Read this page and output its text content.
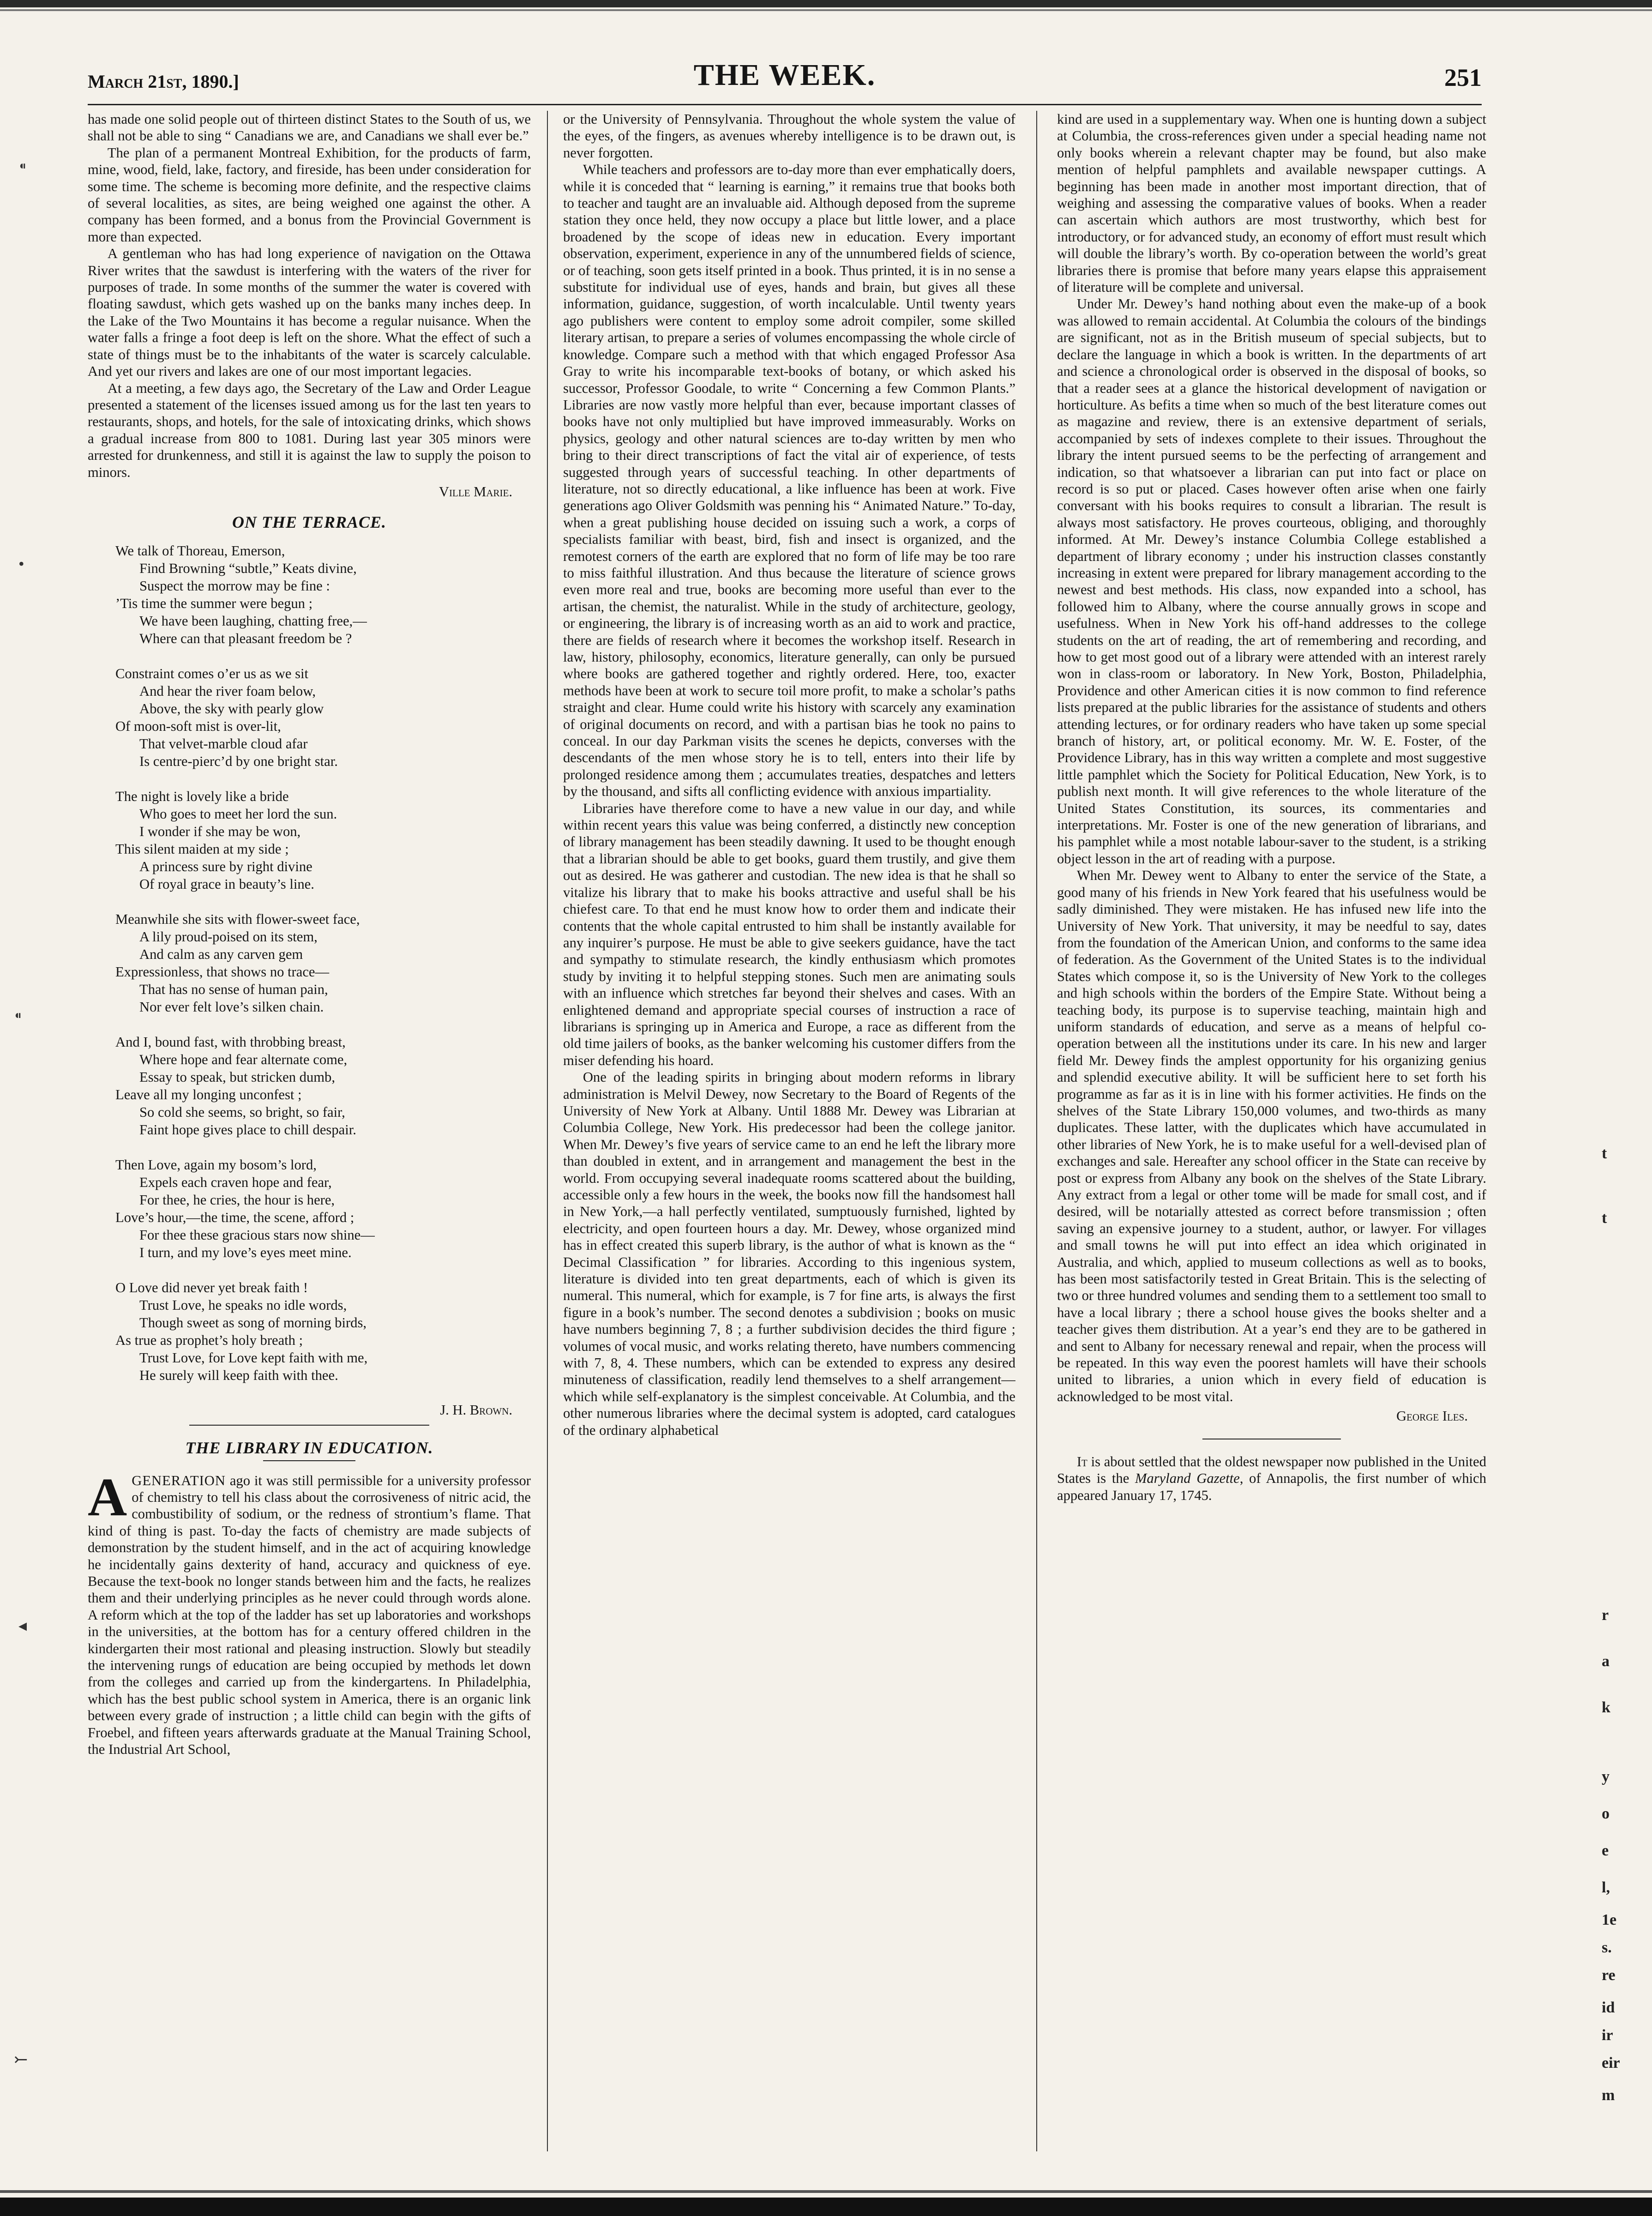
March 21st, 1890.]	THE WEEK.	251

has made one solid people out of thirteen distinct States to the South of us, we shall not be able to sing “ Canadians we are, and Canadians we shall ever be.”

The plan of a permanent Montreal Exhibition, for the products of farm, mine, wood, field, lake, factory, and fireside, has been under consideration for some time. The scheme is becoming more definite, and the respective claims of several localities, as sites, are being weighed one against the other. A company has been formed, and a bonus from the Provincial Government is more than expected.

A gentleman who has had long experience of navigation on the Ottawa River writes that the sawdust is interfering with the waters of the river for purposes of trade. In some months of the summer the water is covered with floating sawdust, which gets washed up on the banks many inches deep. In the Lake of the Two Mountains it has become a regular nuisance. When the water falls a fringe a foot deep is left on the shore. What the effect of such a state of things must be to the inhabitants of the water is scarcely calculable. And yet our rivers and lakes are one of our most important legacies.

At a meeting, a few days ago, the Secretary of the Law and Order League presented a statement of the licenses issued among us for the last ten years to restaurants, shops, and hotels, for the sale of intoxicating drinks, which shows a gradual increase from 800 to 1081. During last year 305 minors were arrested for drunkenness, and still it is against the law to supply the poison to minors.

Ville Marie.
ON THE TERRACE.
We talk of Thoreau, Emerson,
Find Browning “subtle,” Keats divine,
Suspect the morrow may be fine :
’Tis time the summer were begun ;
We have been laughing, chatting free,—
Where can that pleasant freedom be ?
Constraint comes o’er us as we sit
And hear the river foam below,
Above, the sky with pearly glow
Of moon-soft mist is over-lit,
That velvet-marble cloud afar
Is centre-pierc’d by one bright star.
The night is lovely like a bride
Who goes to meet her lord the sun.
I wonder if she may be won,
This silent maiden at my side ;
A princess sure by right divine
Of royal grace in beauty’s line.
Meanwhile she sits with flower-sweet face,
A lily proud-poised on its stem,
And calm as any carven gem
Expressionless, that shows no trace—
That has no sense of human pain,
Nor ever felt love’s silken chain.
And I, bound fast, with throbbing breast,
Where hope and fear alternate come,
Essay to speak, but stricken dumb,
Leave all my longing unconfest ;
So cold she seems, so bright, so fair,
Faint hope gives place to chill despair.
Then Love, again my bosom’s lord,
Expels each craven hope and fear,
For thee, he cries, the hour is here,
Love’s hour,—the time, the scene, afford ;
For thee these gracious stars now shine—
I turn, and my love’s eyes meet mine.
O Love did never yet break faith !
Trust Love, he speaks no idle words,
Though sweet as song of morning birds,
As true as prophet’s holy breath ;
Trust Love, for Love kept faith with me,
He surely will keep faith with thee.
J. H. Brown.
THE LIBRARY IN EDUCATION.

AGENERATION ago it was still permissible for a university professor of chemistry to tell his class about the corrosiveness of nitric acid, the combustibility of sodium, or the redness of strontium’s flame. That kind of thing is past. To-day the facts of chemistry are made subjects of demonstration by the student himself, and in the act of acquiring knowledge he incidentally gains dexterity of hand, accuracy and quickness of eye. Because the text-book no longer stands between him and the facts, he realizes them and their underlying principles as he never could through words alone. A reform which at the top of the ladder has set up laboratories and workshops in the universities, at the bottom has for a century offered children in the kindergarten their most rational and pleasing instruction. Slowly but steadily the intervening rungs of education are being occupied by methods let down from the colleges and carried up from the kindergartens. In Philadelphia, which has the best public school system in America, there is an organic link between every grade of instruction ; a little child can begin with the gifts of Froebel, and fifteen years afterwards graduate at the Manual Training School, the Industrial Art School,

or the University of Pennsylvania. Throughout the whole system the value of the eyes, of the fingers, as avenues whereby intelligence is to be drawn out, is never forgotten.

While teachers and professors are to-day more than ever emphatically doers, while it is conceded that “ learning is earning,” it remains true that books both to teacher and taught are an invaluable aid. Although deposed from the supreme station they once held, they now occupy a place but little lower, and a place broadened by the scope of ideas new in education. Every important observation, experiment, experience in any of the unnumbered fields of science, or of teaching, soon gets itself printed in a book. Thus printed, it is in no sense a substitute for individual use of eyes, hands and brain, but gives all these information, guidance, suggestion, of worth incalculable. Until twenty years ago publishers were content to employ some adroit compiler, some skilled literary artisan, to prepare a series of volumes encompassing the whole circle of knowledge. Compare such a method with that which engaged Professor Asa Gray to write his incomparable text-books of botany, or which asked his successor, Professor Goodale, to write “ Concerning a few Common Plants.” Libraries are now vastly more helpful than ever, because important classes of books have not only multiplied but have improved immeasurably. Works on physics, geology and other natural sciences are to-day written by men who bring to their direct transcriptions of fact the vital air of experience, of tests suggested through years of successful teaching. In other departments of literature, not so directly educational, a like influence has been at work. Five generations ago Oliver Goldsmith was penning his “ Animated Nature.” To-day, when a great publishing house decided on issuing such a work, a corps of specialists familiar with beast, bird, fish and insect is organized, and the remotest corners of the earth are explored that no form of life may be too rare to miss faithful illustration. And thus because the literature of science grows even more real and true, books are becoming more useful than ever to the artisan, the chemist, the naturalist. While in the study of architecture, geology, or engineering, the library is of increasing worth as an aid to work and practice, there are fields of research where it becomes the workshop itself. Research in law, history, philosophy, economics, literature generally, can only be pursued where books are gathered together and rightly ordered. Here, too, exacter methods have been at work to secure toil more profit, to make a scholar’s paths straight and clear. Hume could write his history with scarcely any examination of original documents on record, and with a partisan bias he took no pains to conceal. In our day Parkman visits the scenes he depicts, converses with the descendants of the men whose story he is to tell, enters into their life by prolonged residence among them ; accumulates treaties, despatches and letters by the thousand, and sifts all conflicting evidence with anxious impartiality.

Libraries have therefore come to have a new value in our day, and while within recent years this value was being conferred, a distinctly new conception of library management has been steadily dawning. It used to be thought enough that a librarian should be able to get books, guard them trustily, and give them out as desired. He was gatherer and custodian. The new idea is that he shall so vitalize his library that to make his books attractive and useful shall be his chiefest care. To that end he must know how to order them and indicate their contents that the whole capital entrusted to him shall be instantly available for any inquirer’s purpose. He must be able to give seekers guidance, have the tact and sympathy to stimulate research, the kindly enthusiasm which promotes study by inviting it to helpful stepping stones. Such men are animating souls with an influence which stretches far beyond their shelves and cases. With an enlightened demand and appropriate special courses of instruction a race of librarians is springing up in America and Europe, a race as different from the old time jailers of books, as the banker welcoming his customer differs from the miser defending his hoard.

One of the leading spirits in bringing about modern reforms in library administration is Melvil Dewey, now Secretary to the Board of Regents of the University of New York at Albany. Until 1888 Mr. Dewey was Librarian at Columbia College, New York. His predecessor had been the college janitor. When Mr. Dewey’s five years of service came to an end he left the library more than doubled in extent, and in arrangement and management the best in the world. From occupying several inadequate rooms scattered about the building, accessible only a few hours in the week, the books now fill the handsomest hall in New York,—a hall perfectly ventilated, sumptuously furnished, lighted by electricity, and open fourteen hours a day. Mr. Dewey, whose organized mind has in effect created this superb library, is the author of what is known as the “ Decimal Classification ” for libraries. According to this ingenious system, literature is divided into ten great departments, each of which is given its numeral. This numeral, which for example, is 7 for fine arts, is always the first figure in a book’s number. The second denotes a subdivision ; books on music have numbers beginning 7, 8 ; a further subdivision decides the third figure ; volumes of vocal music, and works relating thereto, have numbers commencing with 7, 8, 4. These numbers, which can be extended to express any desired minuteness of classification, readily lend themselves to a shelf arrangement—which while self-explanatory is the simplest conceivable. At Columbia, and the other numerous libraries where the decimal system is adopted, card catalogues of the ordinary alphabetical

kind are used in a supplementary way. When one is hunting down a subject at Columbia, the cross-references given under a special heading name not only books wherein a relevant chapter may be found, but also make mention of helpful pamphlets and available newspaper cuttings. A beginning has been made in another most important direction, that of weighing and assessing the comparative values of books. When a reader can ascertain which authors are most trustworthy, which best for introductory, or for advanced study, an economy of effort must result which will double the library’s worth. By co-operation between the world’s great libraries there is promise that before many years elapse this appraisement of literature will be complete and universal.

Under Mr. Dewey’s hand nothing about even the make-up of a book was allowed to remain accidental. At Columbia the colours of the bindings are significant, not as in the British museum of special subjects, but to declare the language in which a book is written. In the departments of art and science a chronological order is observed in the disposal of books, so that a reader sees at a glance the historical development of navigation or horticulture. As befits a time when so much of the best literature comes out as magazine and review, there is an extensive department of serials, accompanied by sets of indexes complete to their issues. Throughout the library the intent pursued seems to be the perfecting of arrangement and indication, so that whatsoever a librarian can put into fact or place on record is so put or placed. Cases however often arise when one fairly conversant with his books requires to consult a librarian. The result is always most satisfactory. He proves courteous, obliging, and thoroughly informed. At Mr. Dewey’s instance Columbia College established a department of library economy ; under his instruction classes constantly increasing in extent were prepared for library management according to the newest and best methods. His class, now expanded into a school, has followed him to Albany, where the course annually grows in scope and usefulness. When in New York his off-hand addresses to the college students on the art of reading, the art of remembering and recording, and how to get most good out of a library were attended with an interest rarely won in class-room or laboratory. In New York, Boston, Philadelphia, Providence and other American cities it is now common to find reference lists prepared at the public libraries for the assistance of students and others attending lectures, or for ordinary readers who have taken up some special branch of history, art, or political economy. Mr. W. E. Foster, of the Providence Library, has in this way written a complete and most suggestive little pamphlet which the Society for Political Education, New York, is to publish next month. It will give references to the whole literature of the United States Constitution, its sources, its commentaries and interpretations. Mr. Foster is one of the new generation of librarians, and his pamphlet while a most notable labour-saver to the student, is a striking object lesson in the art of reading with a purpose.

When Mr. Dewey went to Albany to enter the service of the State, a good many of his friends in New York feared that his usefulness would be sadly diminished. They were mistaken. He has infused new life into the University of New York. That university, it may be needful to say, dates from the foundation of the American Union, and conforms to the same idea of federation. As the Government of the United States is to the individual States which compose it, so is the University of New York to the colleges and high schools within the borders of the Empire State. Without being a teaching body, its purpose is to supervise teaching, maintain high and uniform standards of education, and serve as a means of helpful co-operation between all the institutions under its care. In his new and larger field Mr. Dewey finds the amplest opportunity for his organizing genius and splendid executive ability. It will be sufficient here to set forth his programme as far as it is in line with his former activities. He finds on the shelves of the State Library 150,000 volumes, and two-thirds as many duplicates. These latter, with the duplicates which have accumulated in other libraries of New York, he is to make useful for a well-devised plan of exchanges and sale. Hereafter any school officer in the State can receive by post or express from Albany any book on the shelves of the State Library. Any extract from a legal or other tome will be made for small cost, and if desired, will be notarially attested as correct before transmission ; often saving an expensive journey to a student, author, or lawyer. For villages and small towns he will put into effect an idea which originated in Australia, and which, applied to museum collections as well as to books, has been most satisfactorily tested in Great Britain. This is the selecting of two or three hundred volumes and sending them to a settlement too small to have a local library ; there a school house gives the books shelter and a teacher gives them distribution. At a year’s end they are to be gathered in and sent to Albany for necessary renewal and repair, when the process will be repeated. In this way even the poorest hamlets will have their schools united to libraries, a union which in every field of education is acknowledged to be most vital.

George Iles.

It is about settled that the oldest newspaper now published in the United States is the Maryland Gazette, of Annapolis, the first number of which appeared January 17, 1745.

t
t
r
a
k
y
o
e
l,
1e
s.
re
id
ir
eir
m
⁌
•
⁌
◂
⤚
